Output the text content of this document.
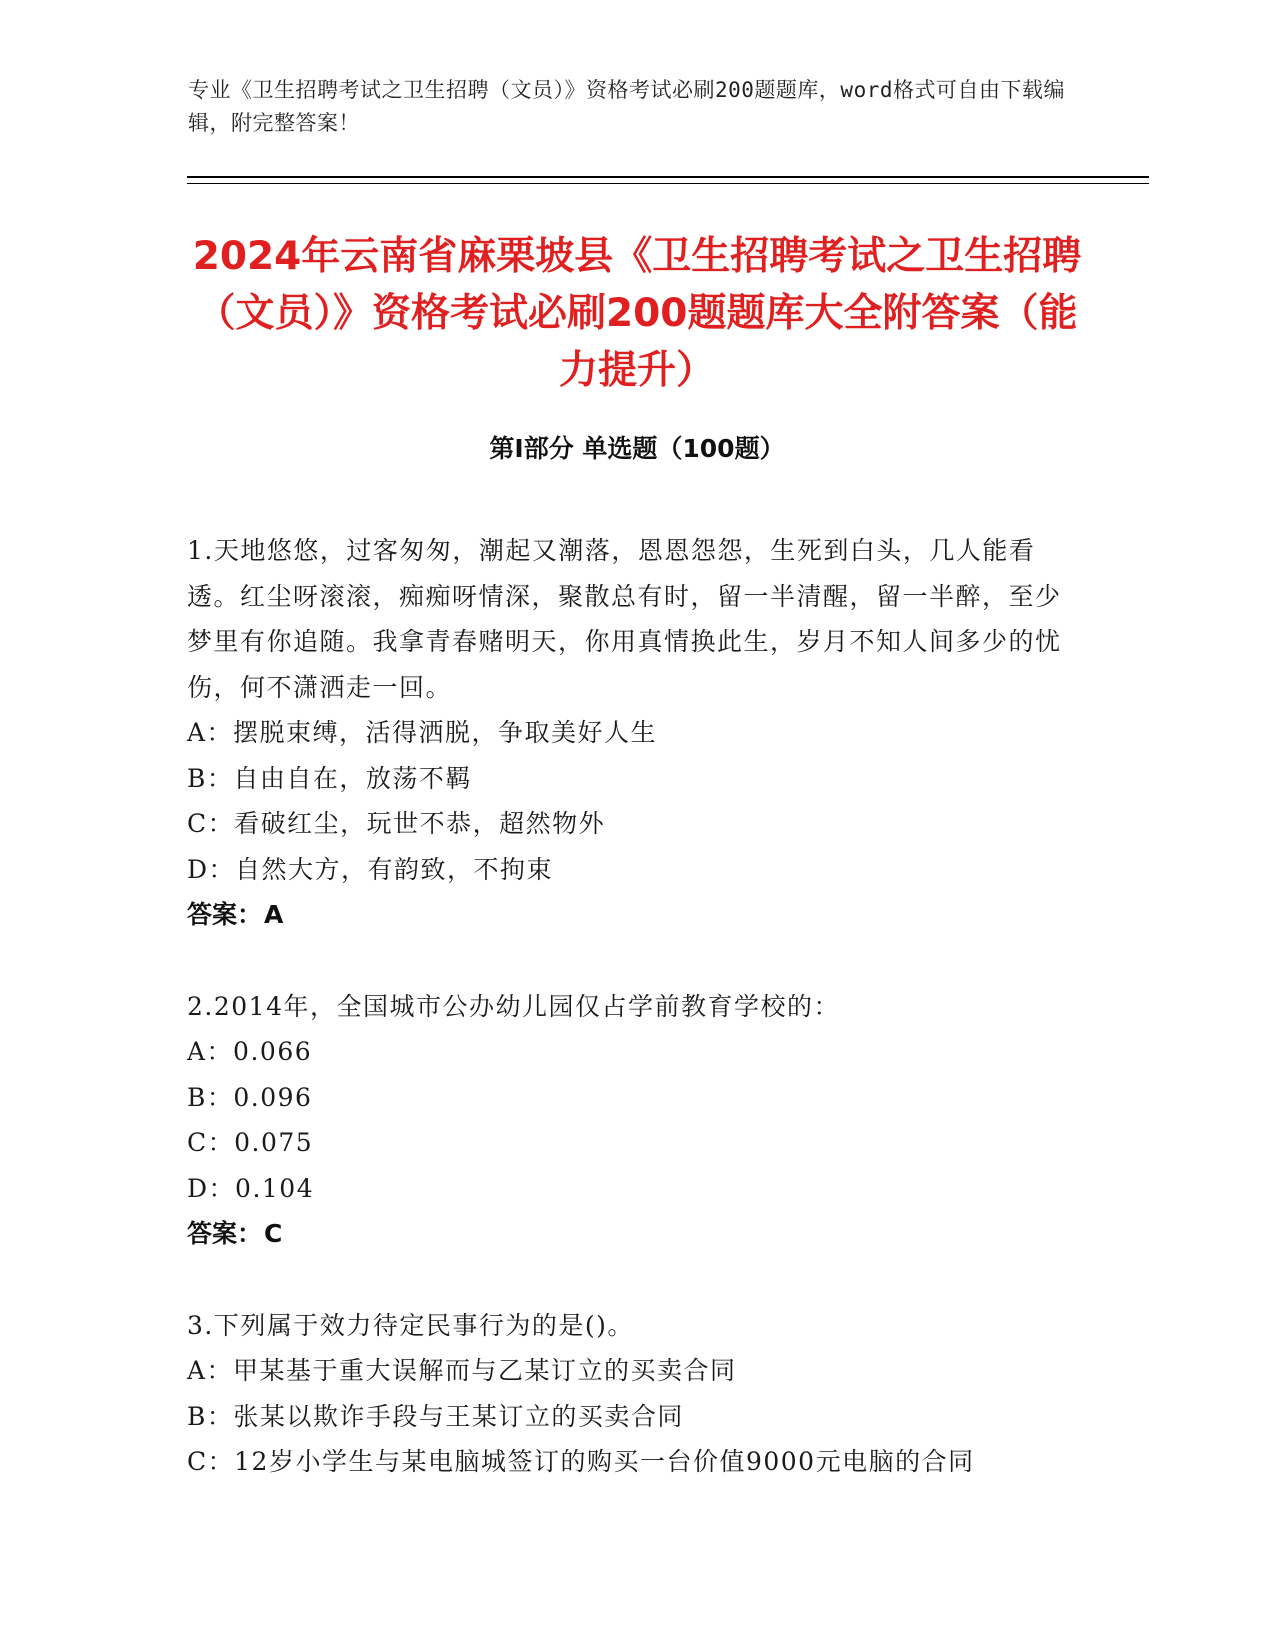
专业《卫生招聘考试之卫生招聘（文员）》资格考试必刷200题题库，word格式可自由下载编辑，附完整答案！
2024年云南省麻栗坡县《卫生招聘考试之卫生招聘（文员）》资格考试必刷200题题库大全附答案（能力提升）
第I部分 单选题（100题）

1.天地悠悠，过客匆匆，潮起又潮落，恩恩怨怨，生死到白头，几人能看透。红尘呀滚滚，痴痴呀情深，聚散总有时，留一半清醒，留一半醉，至少梦里有你追随。我拿青春赌明天，你用真情换此生，岁月不知人间多少的忧伤，何不潇洒走一回。

A：摆脱束缚，活得洒脱，争取美好人生

B：自由自在，放荡不羁

C：看破红尘，玩世不恭，超然物外

D：自然大方，有韵致，不拘束

答案：A

2.2014年，全国城市公办幼儿园仅占学前教育学校的：

A：0.066

B：0.096

C：0.075

D：0.104

答案：C

3.下列属于效力待定民事行为的是()。

A：甲某基于重大误解而与乙某订立的买卖合同

B：张某以欺诈手段与王某订立的买卖合同

C：12岁小学生与某电脑城签订的购买一台价值9000元电脑的合同
